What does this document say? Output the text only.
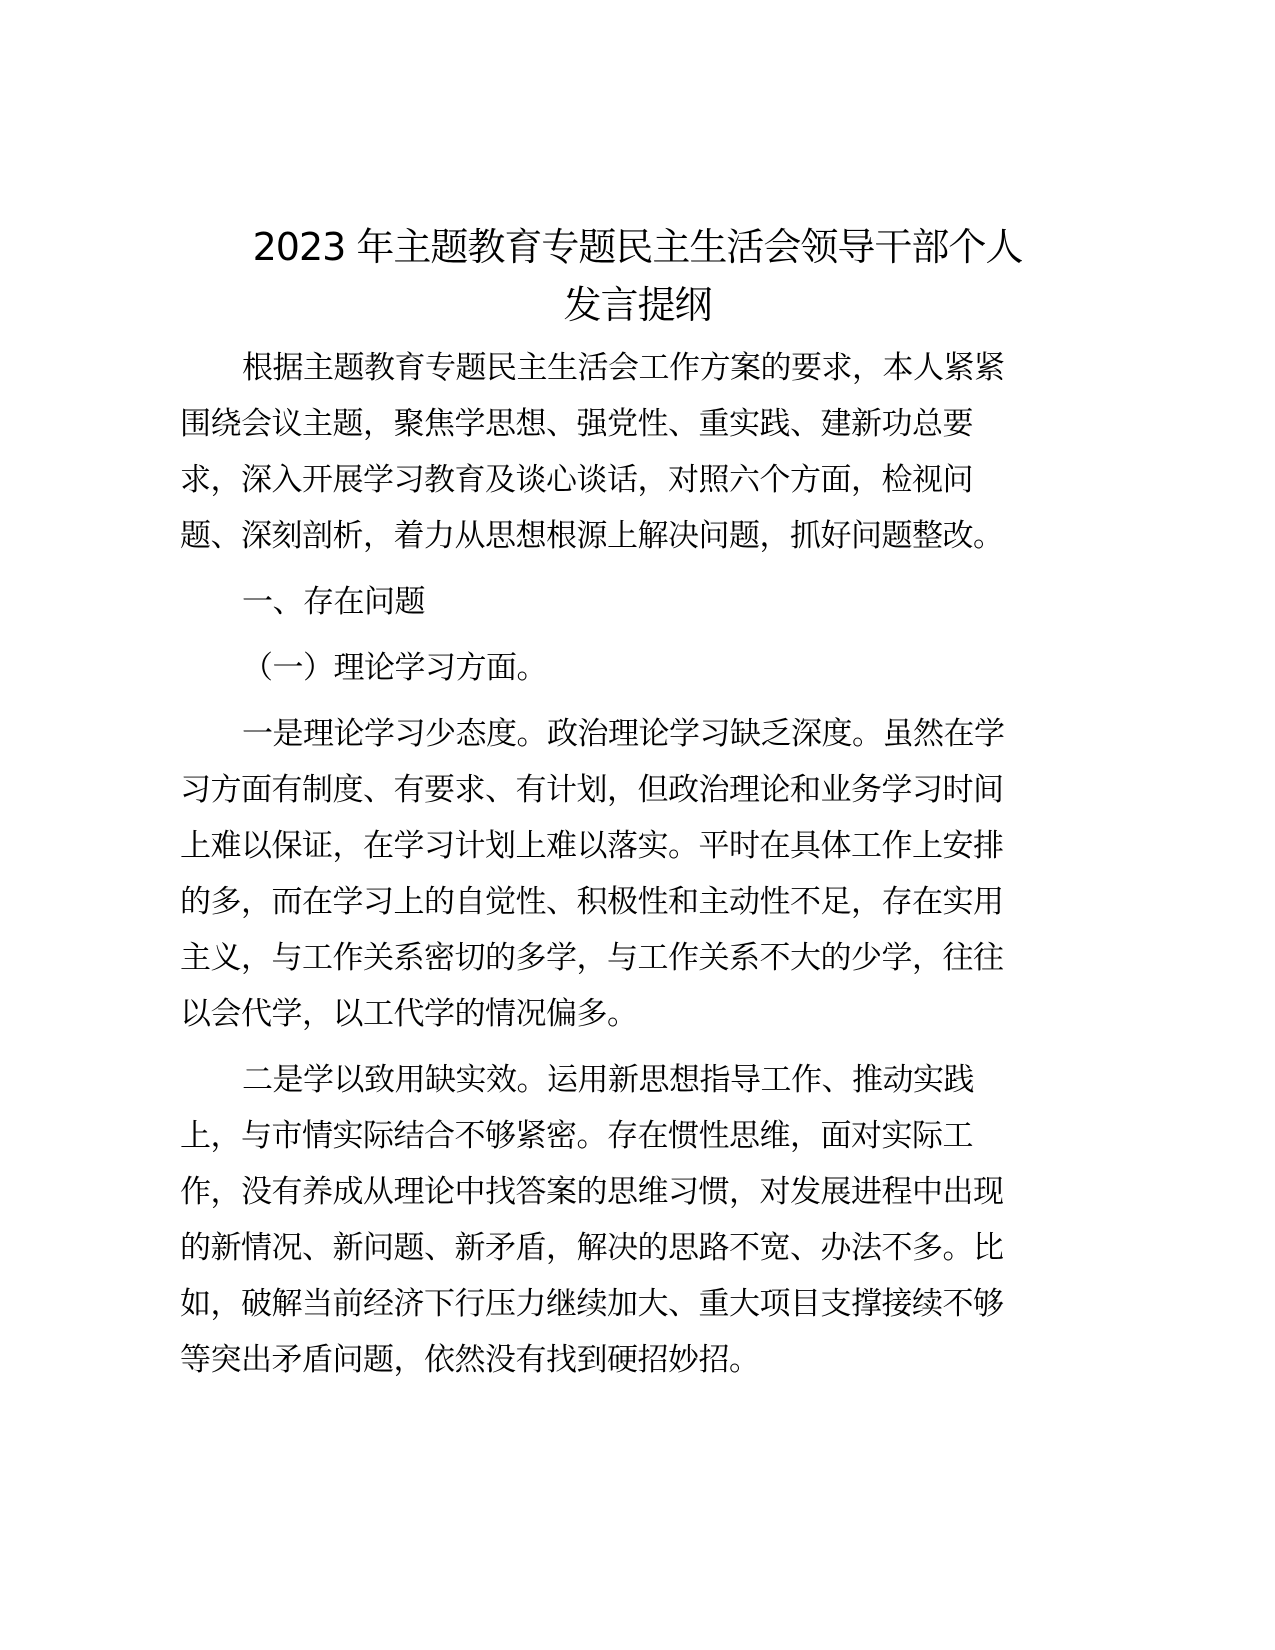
2023 年主题教育专题民主生活会领导干部个人
发言提纲

根据主题教育专题民主生活会工作方案的要求，本人紧紧
围绕会议主题，聚焦学思想、强党性、重实践、建新功总要
求，深入开展学习教育及谈心谈话，对照六个方面，检视问
题、深刻剖析，着力从思想根源上解决问题，抓好问题整改。

一、存在问题

（一）理论学习方面。

一是理论学习少态度。政治理论学习缺乏深度。虽然在学
习方面有制度、有要求、有计划，但政治理论和业务学习时间
上难以保证，在学习计划上难以落实。平时在具体工作上安排
的多，而在学习上的自觉性、积极性和主动性不足，存在实用
主义，与工作关系密切的多学，与工作关系不大的少学，往往
以会代学，以工代学的情况偏多。

二是学以致用缺实效。运用新思想指导工作、推动实践
上，与市情实际结合不够紧密。存在惯性思维，面对实际工
作，没有养成从理论中找答案的思维习惯，对发展进程中出现
的新情况、新问题、新矛盾，解决的思路不宽、办法不多。比
如，破解当前经济下行压力继续加大、重大项目支撑接续不够
等突出矛盾问题，依然没有找到硬招妙招。
